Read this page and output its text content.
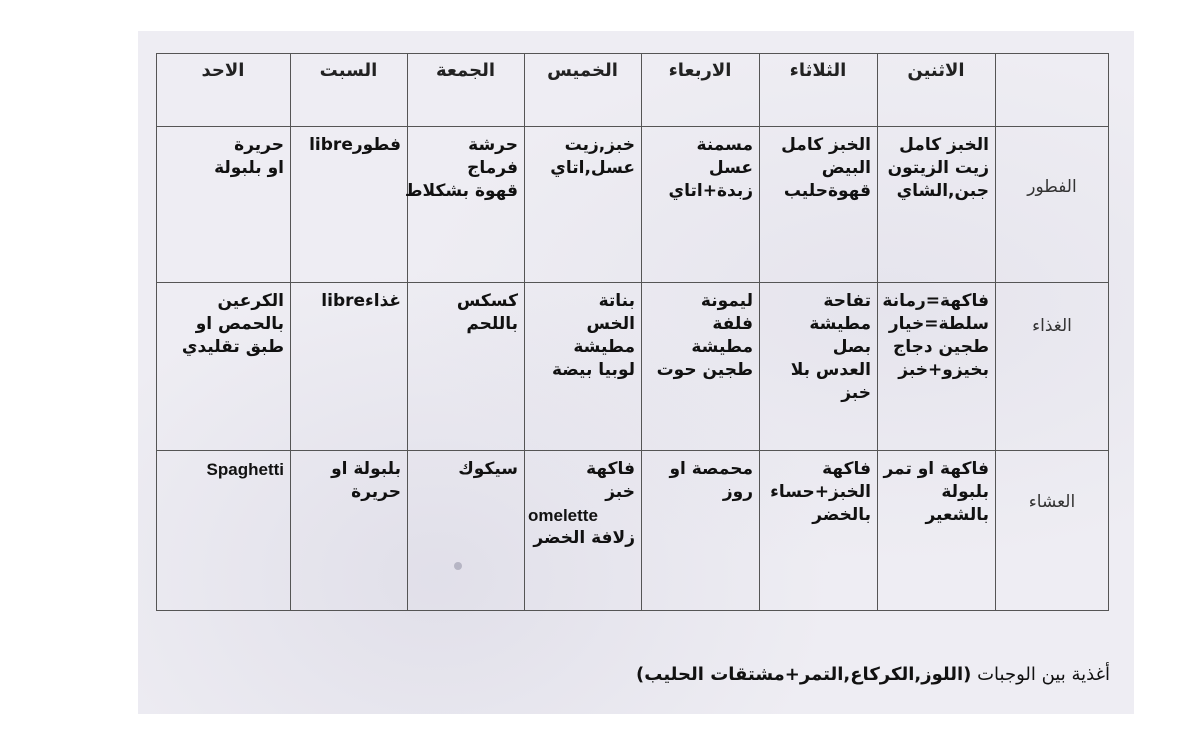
الاثنين
الثلاثاء
الاربعاء
الخميس
الجمعة
السبت
الاحد
الفطور
الغذاء
العشاء
الخبز كامل
زيت الزيتون
جبن,الشاي
الخبز كامل
البيض
قهوةحليب
مسمنة
عسل
زبدة+اتاي
خبز,زيت
عسل,اتاي
حرشة
فرماج
قهوة بشكلاط
فطورlibre
حريرة
او بلبولة
فاكهة=رمانة
سلطة=خيار
طجين دجاج
بخيزو+خبز
تفاحة
مطيشة
بصل
العدس بلا
خبز
ليمونة
فلفة
مطيشة
طجين حوت
بناتة
الخس
مطيشة
لوبيا بيضة
كسكس
باللحم
غذاءlibre
الكرعين
بالحمص او
طبق تقليدي
فاكهة او تمر
بلبولة
بالشعير
فاكهة
الخبز+حساء
بالخضر
محمصة او
روز
فاكهة
خبز
omelette
زلافة الخضر
سيكوك
بلبولة او
حريرة
Spaghetti
أغذية بين الوجبات (اللوز,الكركاع,التمر+مشتقات الحليب)
